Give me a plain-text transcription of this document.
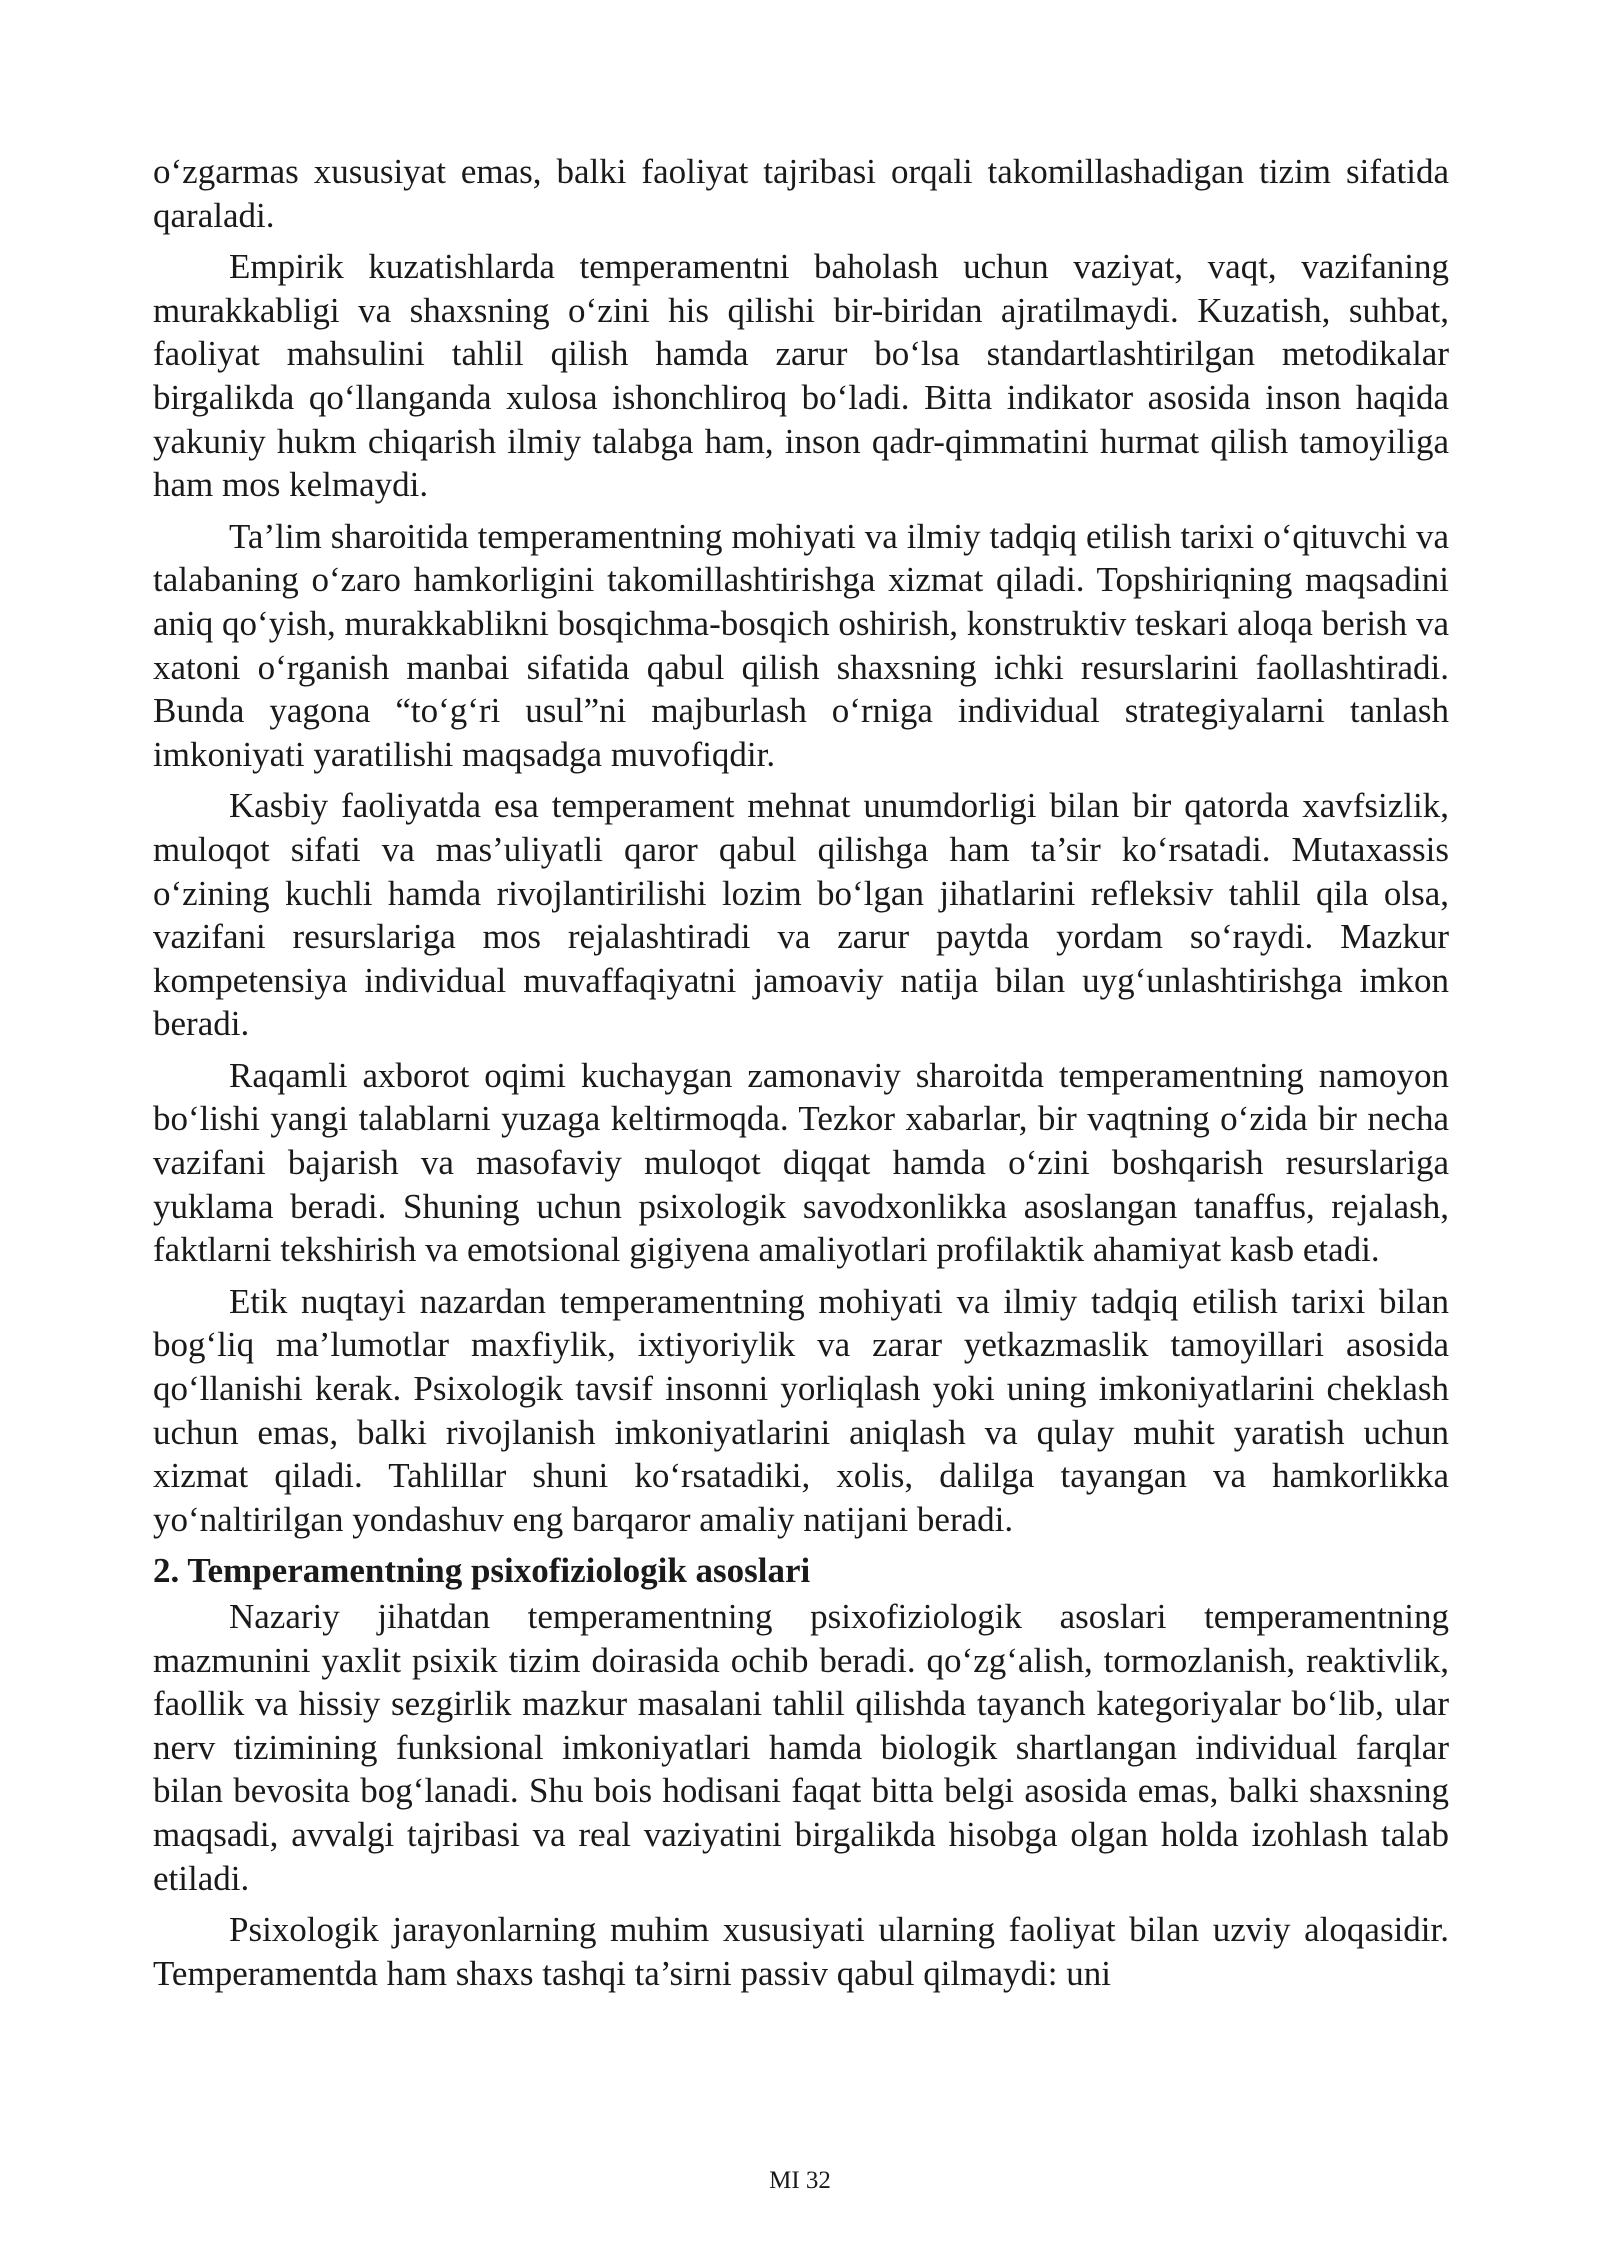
o‘zgarmas xususiyat emas, balki faoliyat tajribasi orqali takomillashadigan tizim sifatida qaraladi.

Empirik kuzatishlarda temperamentni baholash uchun vaziyat, vaqt, vazifaning murakkabligi va shaxsning o‘zini his qilishi bir-biridan ajratilmaydi. Kuzatish, suhbat, faoliyat mahsulini tahlil qilish hamda zarur bo‘lsa standartlashtirilgan metodikalar birgalikda qo‘llanganda xulosa ishonchliroq bo‘ladi. Bitta indikator asosida inson haqida yakuniy hukm chiqarish ilmiy talabga ham, inson qadr-qimmatini hurmat qilish tamoyiliga ham mos kelmaydi.

Ta’lim sharoitida temperamentning mohiyati va ilmiy tadqiq etilish tarixi o‘qituvchi va talabaning o‘zaro hamkorligini takomillashtirishga xizmat qiladi. Topshiriqning maqsadini aniq qo‘yish, murakkablikni bosqichma-bosqich oshirish, konstruktiv teskari aloqa berish va xatoni o‘rganish manbai sifatida qabul qilish shaxsning ichki resurslarini faollashtiradi. Bunda yagona “to‘g‘ri usul”ni majburlash o‘rniga individual strategiyalarni tanlash imkoniyati yaratilishi maqsadga muvofiqdir.

Kasbiy faoliyatda esa temperament mehnat unumdorligi bilan bir qatorda xavfsizlik, muloqot sifati va mas’uliyatli qaror qabul qilishga ham ta’sir ko‘rsatadi. Mutaxassis o‘zining kuchli hamda rivojlantirilishi lozim bo‘lgan jihatlarini refleksiv tahlil qila olsa, vazifani resurslariga mos rejalashtiradi va zarur paytda yordam so‘raydi. Mazkur kompetensiya individual muvaffaqiyatni jamoaviy natija bilan uyg‘unlashtirishga imkon beradi.

Raqamli axborot oqimi kuchaygan zamonaviy sharoitda temperamentning namoyon bo‘lishi yangi talablarni yuzaga keltirmoqda. Tezkor xabarlar, bir vaqtning o‘zida bir necha vazifani bajarish va masofaviy muloqot diqqat hamda o‘zini boshqarish resurslariga yuklama beradi. Shuning uchun psixologik savodxonlikka asoslangan tanaffus, rejalash, faktlarni tekshirish va emotsional gigiyena amaliyotlari profilaktik ahamiyat kasb etadi.

Etik nuqtayi nazardan temperamentning mohiyati va ilmiy tadqiq etilish tarixi bilan bog‘liq ma’lumotlar maxfiylik, ixtiyoriylik va zarar yetkazmaslik tamoyillari asosida qo‘llanishi kerak. Psixologik tavsif insonni yorliqlash yoki uning imkoniyatlarini cheklash uchun emas, balki rivojlanish imkoniyatlarini aniqlash va qulay muhit yaratish uchun xizmat qiladi. Tahlillar shuni ko‘rsatadiki, xolis, dalilga tayangan va hamkorlikka yo‘naltirilgan yondashuv eng barqaror amaliy natijani beradi.

2. Temperamentning psixofiziologik asoslari

Nazariy jihatdan temperamentning psixofiziologik asoslari temperamentning mazmunini yaxlit psixik tizim doirasida ochib beradi. qo‘zg‘alish, tormozlanish, reaktivlik, faollik va hissiy sezgirlik mazkur masalani tahlil qilishda tayanch kategoriyalar bo‘lib, ular nerv tizimining funksional imkoniyatlari hamda biologik shartlangan individual farqlar bilan bevosita bog‘lanadi. Shu bois hodisani faqat bitta belgi asosida emas, balki shaxsning maqsadi, avvalgi tajribasi va real vaziyatini birgalikda hisobga olgan holda izohlash talab etiladi.

Psixologik jarayonlarning muhim xususiyati ularning faoliyat bilan uzviy aloqasidir. Temperamentda ham shaxs tashqi ta’sirni passiv qabul qilmaydi: uni

MI 32
